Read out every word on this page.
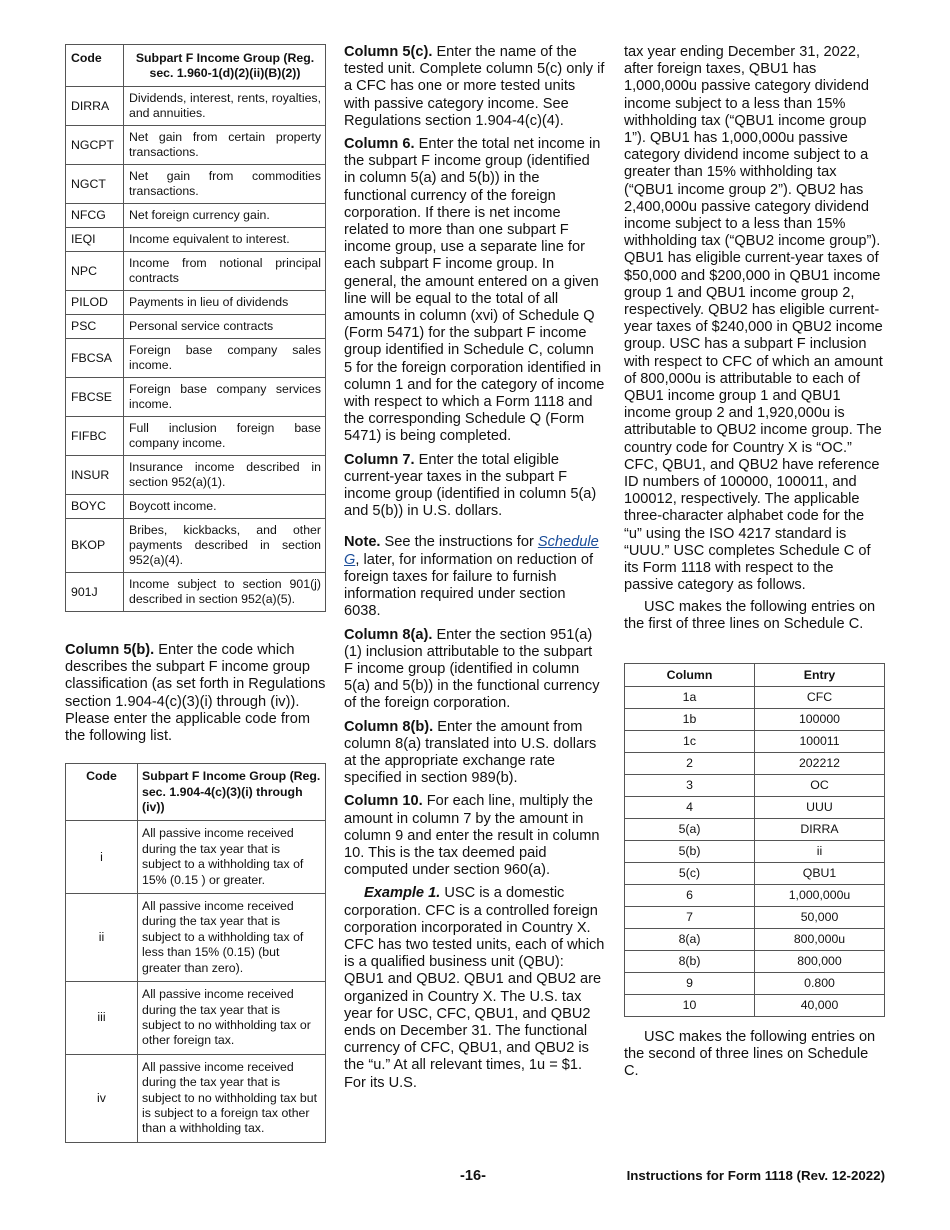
Code	Subpart F Income Group (Reg. sec. 1.960-1(d)(2)(ii)(B)(2))
DIRRA	Dividends, interest, rents, royalties, and annuities.
NGCPT	Net gain from certain property transactions.
NGCT	Net gain from commodities transactions.
NFCG	Net foreign currency gain.
IEQI	Income equivalent to interest.
NPC	Income from notional principal contracts
PILOD	Payments in lieu of dividends
PSC	Personal service contracts
FBCSA	Foreign base company sales income.
FBCSE	Foreign base company services income.
FIFBC	Full inclusion foreign base company income.
INSUR	Insurance income described in section 952(a)(1).
BOYC	Boycott income.
BKOP	Bribes, kickbacks, and other payments described in section 952(a)(4).
901J	Income subject to section 901(j) described in section 952(a)(5).

Column 5(b). Enter the code which describes the subpart F income group classification (as set forth in Regulations section 1.904-4(c)(3)(i) through (iv)). Please enter the applicable code from the following list.

Code	Subpart F Income Group (Reg. sec. 1.904-4(c)(3)(i) through (iv))
i	All passive income received during the tax year that is subject to a withholding tax of 15% (0.15 ) or greater.
ii	All passive income received during the tax year that is subject to a withholding tax of less than 15% (0.15) (but greater than zero).
iii	All passive income received during the tax year that is subject to no withholding tax or other foreign tax.
iv	All passive income received during the tax year that is subject to no withholding tax but is subject to a foreign tax other than a withholding tax.

Column 5(c). Enter the name of the tested unit. Complete column 5(c) only if a CFC has one or more tested units with passive category income. See Regulations section 1.904-4(c)(4).

Column 6. Enter the total net income in the subpart F income group (identified in column 5(a) and 5(b)) in the functional currency of the foreign corporation. If there is net income related to more than one subpart F income group, use a separate line for each subpart F income group. In general, the amount entered on a given line will be equal to the total of all amounts in column (xvi) of Schedule Q (Form 5471) for the subpart F income group identified in Schedule C, column 5 for the foreign corporation identified in column 1 and for the category of income with respect to which a Form 1118 and the corresponding Schedule Q (Form 5471) is being completed.

Column 7. Enter the total eligible current-year taxes in the subpart F income group (identified in column 5(a) and 5(b)) in U.S. dollars.

Note. See the instructions for Schedule G, later, for information on reduction of foreign taxes for failure to furnish information required under section 6038.

Column 8(a). Enter the section 951(a)(1) inclusion attributable to the subpart F income group (identified in column 5(a) and 5(b)) in the functional currency of the foreign corporation.

Column 8(b). Enter the amount from column 8(a) translated into U.S. dollars at the appropriate exchange rate specified in section 989(b).

Column 10. For each line, multiply the amount in column 7 by the amount in column 9 and enter the result in column 10. This is the tax deemed paid computed under section 960(a).

Example 1. USC is a domestic corporation. CFC is a controlled foreign corporation incorporated in Country X. CFC has two tested units, each of which is a qualified business unit (QBU): QBU1 and QBU2. QBU1 and QBU2 are organized in Country X. The U.S. tax year for USC, CFC, QBU1, and QBU2 ends on December 31. The functional currency of CFC, QBU1, and QBU2 is the “u.” At all relevant times, 1u = $1. For its U.S.

tax year ending December 31, 2022, after foreign taxes, QBU1 has 1,000,000u passive category dividend income subject to a less than 15% withholding tax (“QBU1 income group 1”). QBU1 has 1,000,000u passive category dividend income subject to a greater than 15% withholding tax (“QBU1 income group 2”). QBU2 has 2,400,000u passive category dividend income subject to a less than 15% withholding tax (“QBU2 income group”). QBU1 has eligible current-year taxes of $50,000 and $200,000 in QBU1 income group 1 and QBU1 income group 2, respectively. QBU2 has eligible current-year taxes of $240,000 in QBU2 income group. USC has a subpart F inclusion with respect to CFC of which an amount of 800,000u is attributable to each of QBU1 income group 1 and QBU1 income group 2 and 1,920,000u is attributable to QBU2 income group. The country code for Country X is “OC.” CFC, QBU1, and QBU2 have reference ID numbers of 100000, 100011, and 100012, respectively. The applicable three-character alphabet code for the “u” using the ISO 4217 standard is “UUU.” USC completes Schedule C of its Form 1118 with respect to the passive category as follows.

USC makes the following entries on the first of three lines on Schedule C.

Column	Entry
1a	CFC
1b	100000
1c	100011
2	202212
3	OC
4	UUU
5(a)	DIRRA
5(b)	ii
5(c)	QBU1
6	1,000,000u
7	50,000
8(a)	800,000u
8(b)	800,000
9	0.800
10	40,000

USC makes the following entries on the second of three lines on Schedule C.

-16-	Instructions for Form 1118 (Rev. 12-2022)
